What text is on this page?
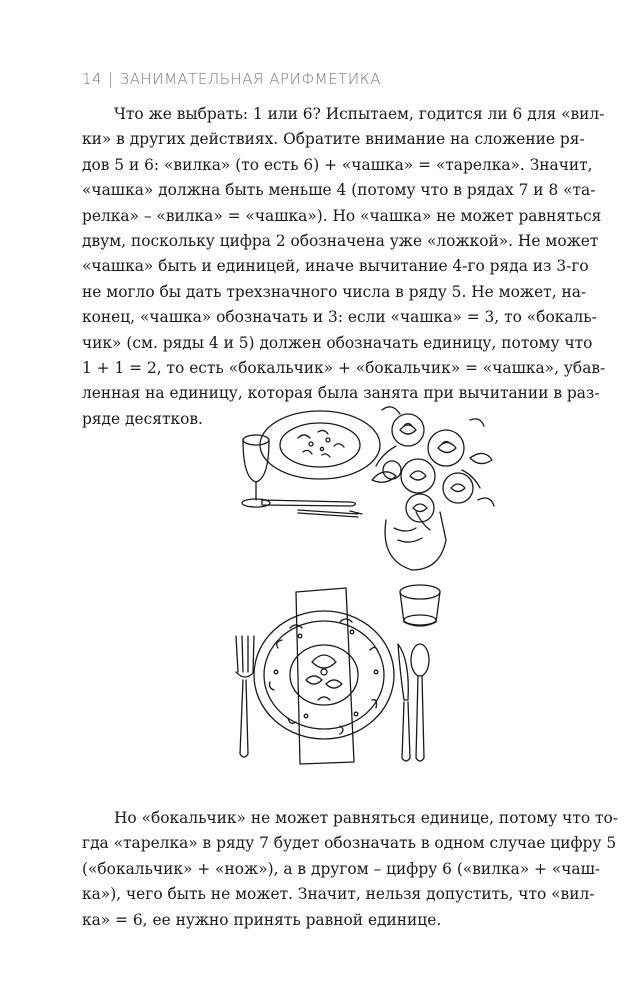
14 | ЗАНИМАТЕЛЬНАЯ АРИФМЕТИКА

Что же выбрать: 1 или 6? Испытаем, годится ли 6 для «вил-
ки» в других действиях. Обратите внимание на сложение ря-
дов 5 и 6: «вилка» (то есть 6) + «чашка» = «тарелка». Значит,
«чашка» должна быть меньше 4 (потому что в рядах 7 и 8 «та-
релка» – «вилка» = «чашка»). Но «чашка» не может равняться
двум, поскольку цифра 2 обозначена уже «ложкой». Не может
«чашка» быть и единицей, иначе вычитание 4-го ряда из 3-го
не могло бы дать трехзначного числа в ряду 5. Не может, на-
конец, «чашка» обозначать и 3: если «чашка» = 3, то «бокаль-
чик» (см. ряды 4 и 5) должен обозначать единицу, потому что
1 + 1 = 2, то есть «бокальчик» + «бокальчик» = «чашка», убав-
ленная на единицу, которая была занята при вычитании в раз-
ряде десятков.

Но «бокальчик» не может равняться единице, потому что то-
гда «тарелка» в ряду 7 будет обозначать в одном случае цифру 5
(«бокальчик» + «нож»), а в другом – цифру 6 («вилка» + «чаш-
ка»), чего быть не может. Значит, нельзя допустить, что «вил-
ка» = 6, ее нужно принять равной единице.
